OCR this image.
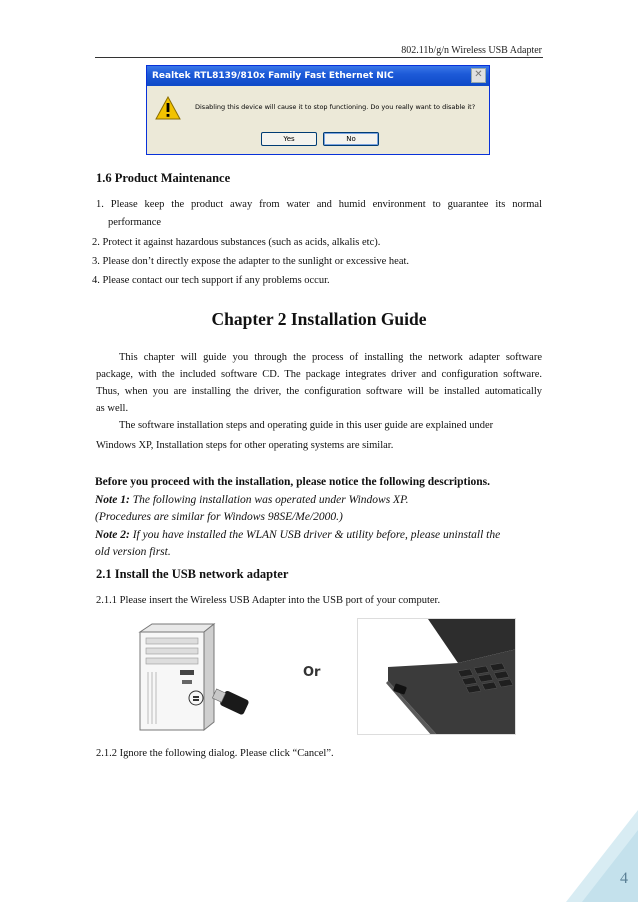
802.11b/g/n Wireless USB Adapter
Realtek RTL8139/810x Family Fast Ethernet NIC	✕
Disabling this device will cause it to stop functioning. Do you really want to disable it?
Yes	No
1.6 Product Maintenance
1. Please keep the product away from water and humid environment to guarantee its normal
performance
2. Protect it against hazardous substances (such as acids, alkalis etc).
3. Please don’t directly expose the adapter to the sunlight or excessive heat.
4. Please contact our tech support if any problems occur.
Chapter 2 Installation Guide
This chapter will guide you through the process of installing the network adapter software
package, with the included software CD. The package integrates driver and configuration software.
Thus, when you are installing the driver, the configuration software will be installed automatically
as well.
The software installation steps and operating guide in this user guide are explained under
Windows XP, Installation steps for other operating systems are similar.
Before you proceed with the installation, please notice the following descriptions.
Note 1: The following installation was operated under Windows XP.
(Procedures are similar for Windows 98SE/Me/2000.)
Note 2: If you have installed the WLAN USB driver & utility before, please uninstall the
old version first.
2.1 Install the USB network adapter
2.1.1 Please insert the Wireless USB Adapter into the USB port of your computer.
Or
2.1.2 Ignore the following dialog. Please click “Cancel”.
4
